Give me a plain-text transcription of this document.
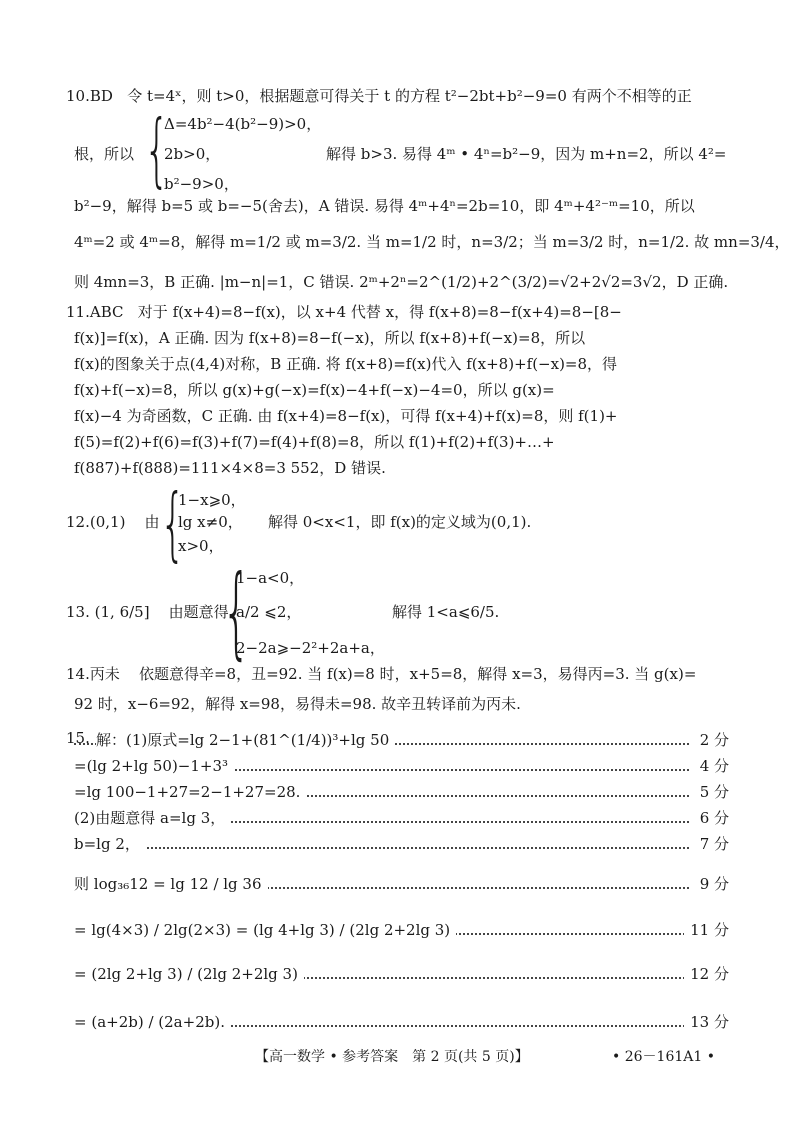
10.BD 令 t=4ˣ，则 t>0，根据题意可得关于 t 的方程 t²−2bt+b²−9=0 有两个不相等的正
根，所以 {
Δ=4b²−4(b²−9)>0，
2b>0，
b²−9>0，
解得 b>3. 易得 4ᵐ • 4ⁿ=b²−9，因为 m+n=2，所以 4²=
b²−9，解得 b=5 或 b=−5(舍去)，A 错误. 易得 4ᵐ+4ⁿ=2b=10，即 4ᵐ+4²⁻ᵐ=10，所以
4ᵐ=2 或 4ᵐ=8，解得 m=1/2 或 m=3/2. 当 m=1/2 时，n=3/2；当 m=3/2 时，n=1/2. 故 mn=3/4，
则 4mn=3，B 正确. |m−n|=1，C 错误. 2ᵐ+2ⁿ=2^(1/2)+2^(3/2)=√2+2√2=3√2，D 正确.
11.ABC 对于 f(x+4)=8−f(x)，以 x+4 代替 x，得 f(x+8)=8−f(x+4)=8−[8−
f(x)]=f(x)，A 正确. 因为 f(x+8)=8−f(−x)，所以 f(x+8)+f(−x)=8，所以
f(x)的图象关于点(4,4)对称，B 正确. 将 f(x+8)=f(x)代入 f(x+8)+f(−x)=8，得
f(x)+f(−x)=8，所以 g(x)+g(−x)=f(x)−4+f(−x)−4=0，所以 g(x)=
f(x)−4 为奇函数，C 正确. 由 f(x+4)=8−f(x)，可得 f(x+4)+f(x)=8，则 f(1)+
f(5)=f(2)+f(6)=f(3)+f(7)=f(4)+f(8)=8，所以 f(1)+f(2)+f(3)+…+
f(887)+f(888)=111×4×8=3 552，D 错误.
12.(0,1) 由 {
1−x⩾0，
lg x≠0，
x>0，
解得 0<x<1，即 f(x)的定义域为(0,1).
13. (1, 6/5] 由题意得
{
1−a<0，
a/2 ⩽2，
2−2a⩾−2²+2a+a，
解得 1<a⩽6/5.
14.丙未 依题意得辛=8，丑=92. 当 f(x)=8 时，x+5=8，解得 x=3，易得丙=3. 当 g(x)=
92 时，x−6=92，解得 x=98，易得未=98. 故辛丑转译前为丙未.
15. 解：(1)原式=lg 2−1+(81^(1/4))³+lg 50	2 分
=(lg 2+lg 50)−1+3³	4 分
=lg 100−1+27=2−1+27=28.	5 分
(2)由题意得 a=lg 3，	6 分
b=lg 2，	7 分
则 log₃₆12 = lg 12 / lg 36	9 分
= lg(4×3) / 2lg(2×3) = (lg 4+lg 3) / (2lg 2+2lg 3)	11 分
= (2lg 2+lg 3) / (2lg 2+2lg 3)	12 分
= (a+2b) / (2a+2b).	13 分
【高一数学 • 参考答案　第 2 页(共 5 页)】	• 26－161A1 •
